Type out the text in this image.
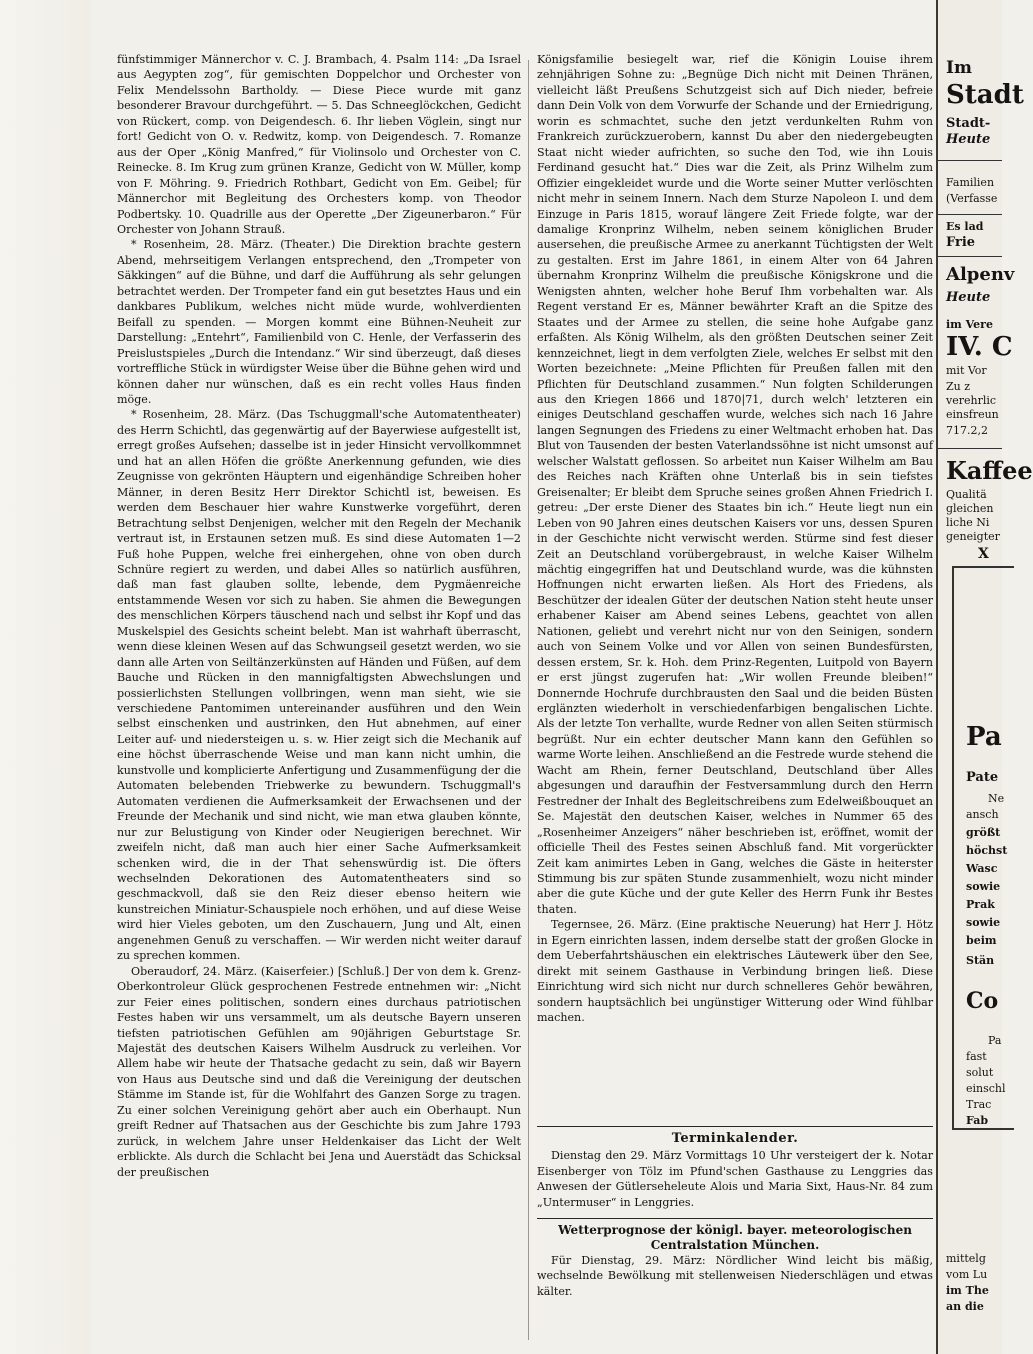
fünfstimmiger Männerchor v. C. J. Brambach, 4. Psalm 114: „Da Israel aus Aegypten zog“, für gemischten Doppelchor und Orchester von Felix Mendelssohn Bartholdy. — Diese Piece wurde mit ganz besonderer Bravour durchgeführt. — 5. Das Schneeglöckchen, Gedicht von Rückert, comp. von Deigendesch. 6. Ihr lieben Vöglein, singt nur fort! Gedicht von O. v. Redwitz, komp. von Deigendesch. 7. Romanze aus der Oper „König Manfred,“ für Violinsolo und Orchester von C. Reinecke. 8. Im Krug zum grünen Kranze, Gedicht von W. Müller, komp von F. Möhring. 9. Friedrich Rothbart, Gedicht von Em. Geibel; für Männerchor mit Begleitung des Orchesters komp. von Theodor Podbertsky. 10. Quadrille aus der Operette „Der Zigeunerbaron.“ Für Orchester von Johann Strauß.

* Rosenheim, 28. März. (Theater.) Die Direktion brachte gestern Abend, mehrseitigem Verlangen entsprechend, den „Trompeter von Säkkingen“ auf die Bühne, und darf die Aufführung als sehr gelungen betrachtet werden. Der Trompeter fand ein gut besetztes Haus und ein dankbares Publikum, welches nicht müde wurde, wohlverdienten Beifall zu spenden. — Morgen kommt eine Bühnen-Neuheit zur Darstellung: „Entehrt“, Familienbild von C. Henle, der Verfasserin des Preislustspieles „Durch die Intendanz.“ Wir sind überzeugt, daß dieses vortreffliche Stück in würdigster Weise über die Bühne gehen wird und können daher nur wünschen, daß es ein recht volles Haus finden möge.

* Rosenheim, 28. März. (Das Tschuggmall'sche Automatentheater) des Herrn Schichtl, das gegenwärtig auf der Bayerwiese aufgestellt ist, erregt großes Aufsehen; dasselbe ist in jeder Hinsicht vervollkommnet und hat an allen Höfen die größte Anerkennung gefunden, wie dies Zeugnisse von gekrönten Häuptern und eigenhändige Schreiben hoher Männer, in deren Besitz Herr Direktor Schichtl ist, beweisen. Es werden dem Beschauer hier wahre Kunstwerke vorgeführt, deren Betrachtung selbst Denjenigen, welcher mit den Regeln der Mechanik vertraut ist, in Erstaunen setzen muß. Es sind diese Automaten 1—2 Fuß hohe Puppen, welche frei einhergehen, ohne von oben durch Schnüre regiert zu werden, und dabei Alles so natürlich ausführen, daß man fast glauben sollte, lebende, dem Pygmäenreiche entstammende Wesen vor sich zu haben. Sie ahmen die Bewegungen des menschlichen Körpers täuschend nach und selbst ihr Kopf und das Muskelspiel des Gesichts scheint belebt. Man ist wahrhaft überrascht, wenn diese kleinen Wesen auf das Schwungseil gesetzt werden, wo sie dann alle Arten von Seiltänzerkünsten auf Händen und Füßen, auf dem Bauche und Rücken in den mannigfaltigsten Abwechslungen und possierlichsten Stellungen vollbringen, wenn man sieht, wie sie verschiedene Pantomimen untereinander ausführen und den Wein selbst einschenken und austrinken, den Hut abnehmen, auf einer Leiter auf- und niedersteigen u. s. w. Hier zeigt sich die Mechanik auf eine höchst überraschende Weise und man kann nicht umhin, die kunstvolle und komplicierte Anfertigung und Zusammenfügung der die Automaten belebenden Triebwerke zu bewundern. Tschuggmall's Automaten verdienen die Aufmerksamkeit der Erwachsenen und der Freunde der Mechanik und sind nicht, wie man etwa glauben könnte, nur zur Belustigung von Kinder oder Neugierigen berechnet. Wir zweifeln nicht, daß man auch hier einer Sache Aufmerksamkeit schenken wird, die in der That sehenswürdig ist. Die öfters wechselnden Dekorationen des Automatentheaters sind so geschmackvoll, daß sie den Reiz dieser ebenso heitern wie kunstreichen Miniatur-Schauspiele noch erhöhen, und auf diese Weise wird hier Vieles geboten, um den Zuschauern, Jung und Alt, einen angenehmen Genuß zu verschaffen. — Wir werden nicht weiter darauf zu sprechen kommen.

Oberaudorf, 24. März. (Kaiserfeier.) [Schluß.] Der von dem k. Grenz-Oberkontroleur Glück gesprochenen Festrede entnehmen wir: „Nicht zur Feier eines politischen, sondern eines durchaus patriotischen Festes haben wir uns versammelt, um als deutsche Bayern unseren tiefsten patriotischen Gefühlen am 90jährigen Geburtstage Sr. Majestät des deutschen Kaisers Wilhelm Ausdruck zu verleihen. Vor Allem habe wir heute der Thatsache gedacht zu sein, daß wir Bayern von Haus aus Deutsche sind und daß die Vereinigung der deutschen Stämme im Stande ist, für die Wohlfahrt des Ganzen Sorge zu tragen. Zu einer solchen Vereinigung gehört aber auch ein Oberhaupt. Nun greift Redner auf Thatsachen aus der Geschichte bis zum Jahre 1793 zurück, in welchem Jahre unser Heldenkaiser das Licht der Welt erblickte. Als durch die Schlacht bei Jena und Auerstädt das Schicksal der preußischen

Königsfamilie besiegelt war, rief die Königin Louise ihrem zehnjährigen Sohne zu: „Begnüge Dich nicht mit Deinen Thränen, vielleicht läßt Preußens Schutzgeist sich auf Dich nieder, befreie dann Dein Volk von dem Vorwurfe der Schande und der Erniedrigung, worin es schmachtet, suche den jetzt verdunkelten Ruhm von Frankreich zurückzuerobern, kannst Du aber den niedergebeugten Staat nicht wieder aufrichten, so suche den Tod, wie ihn Louis Ferdinand gesucht hat.“ Dies war die Zeit, als Prinz Wilhelm zum Offizier eingekleidet wurde und die Worte seiner Mutter verlöschten nicht mehr in seinem Innern. Nach dem Sturze Napoleon I. und dem Einzuge in Paris 1815, worauf längere Zeit Friede folgte, war der damalige Kronprinz Wilhelm, neben seinem königlichen Bruder ausersehen, die preußische Armee zu anerkannt Tüchtigsten der Welt zu gestalten. Erst im Jahre 1861, in einem Alter von 64 Jahren übernahm Kronprinz Wilhelm die preußische Königskrone und die Wenigsten ahnten, welcher hohe Beruf Ihm vorbehalten war. Als Regent verstand Er es, Männer bewährter Kraft an die Spitze des Staates und der Armee zu stellen, die seine hohe Aufgabe ganz erfaßten. Als König Wilhelm, als den größten Deutschen seiner Zeit kennzeichnet, liegt in dem verfolgten Ziele, welches Er selbst mit den Worten bezeichnete: „Meine Pflichten für Preußen fallen mit den Pflichten für Deutschland zusammen.“ Nun folgten Schilderungen aus den Kriegen 1866 und 1870|71, durch welch' letzteren ein einiges Deutschland geschaffen wurde, welches sich nach 16 Jahre langen Segnungen des Friedens zu einer Weltmacht erhoben hat. Das Blut von Tausenden der besten Vaterlandssöhne ist nicht umsonst auf welscher Walstatt geflossen. So arbeitet nun Kaiser Wilhelm am Bau des Reiches nach Kräften ohne Unterlaß bis in sein tiefstes Greisenalter; Er bleibt dem Spruche seines großen Ahnen Friedrich I. getreu: „Der erste Diener des Staates bin ich.“ Heute liegt nun ein Leben von 90 Jahren eines deutschen Kaisers vor uns, dessen Spuren in der Geschichte nicht verwischt werden. Stürme sind fest dieser Zeit an Deutschland vorübergebraust, in welche Kaiser Wilhelm mächtig eingegriffen hat und Deutschland wurde, was die kühnsten Hoffnungen nicht erwarten ließen. Als Hort des Friedens, als Beschützer der idealen Güter der deutschen Nation steht heute unser erhabener Kaiser am Abend seines Lebens, geachtet von allen Nationen, geliebt und verehrt nicht nur von den Seinigen, sondern auch von Seinem Volke und vor Allen von seinen Bundesfürsten, dessen erstem, Sr. k. Hoh. dem Prinz-Regenten, Luitpold von Bayern er erst jüngst zugerufen hat: „Wir wollen Freunde bleiben!“ Donnernde Hochrufe durchbrausten den Saal und die beiden Büsten erglänzten wiederholt in verschiedenfarbigen bengalischen Lichte. Als der letzte Ton verhallte, wurde Redner von allen Seiten stürmisch begrüßt. Nur ein echter deutscher Mann kann den Gefühlen so warme Worte leihen. Anschließend an die Festrede wurde stehend die Wacht am Rhein, ferner Deutschland, Deutschland über Alles abgesungen und daraufhin der Festversammlung durch den Herrn Festredner der Inhalt des Begleitschreibens zum Edelweißbouquet an Se. Majestät den deutschen Kaiser, welches in Nummer 65 des „Rosenheimer Anzeigers“ näher beschrieben ist, eröffnet, womit der officielle Theil des Festes seinen Abschluß fand. Mit vorgerückter Zeit kam animirtes Leben in Gang, welches die Gäste in heiterster Stimmung bis zur späten Stunde zusammenhielt, wozu nicht minder aber die gute Küche und der gute Keller des Herrn Funk ihr Bestes thaten.

Tegernsee, 26. März. (Eine praktische Neuerung) hat Herr J. Hötz in Egern einrichten lassen, indem derselbe statt der großen Glocke in dem Ueberfahrtshäuschen ein elektrisches Läutewerk über den See, direkt mit seinem Gasthause in Verbindung bringen ließ. Diese Einrichtung wird sich nicht nur durch schnelleres Gehör bewähren, sondern hauptsächlich bei ungünstiger Witterung oder Wind fühlbar machen.

Terminkalender.

Dienstag den 29. März Vormittags 10 Uhr versteigert der k. Notar Eisenberger von Tölz im Pfund'schen Gasthause zu Lenggries das Anwesen der Gütlerseheleute Alois und Maria Sixt, Haus-Nr. 84 zum „Untermuser“ in Lenggries.

Wetterprognose der königl. bayer. meteorologischen Centralstation München.

Für Dienstag, 29. März: Nördlicher Wind leicht bis mäßig, wechselnde Bewölkung mit stellenweisen Niederschlägen und etwas kälter.

Im
Stadt
Stadt-
Heute
Familien
(Verfasse
Es lad
Frie
Alpenv
Heute
im Vere
IV. C
mit Vor
Zu z
verehrlic
einsfreun
717.2,2
Kaffee
Qualitä
gleichen
liche Ni
geneigter
X
Pa
Pate
Ne
ansch
größt
höchst
Wasc
sowie
Prak
sowie
beim
Stän
Co
Pa
fast
solut
einschl
Trac
Fab
mittelg
vom Lu
im The
an die
